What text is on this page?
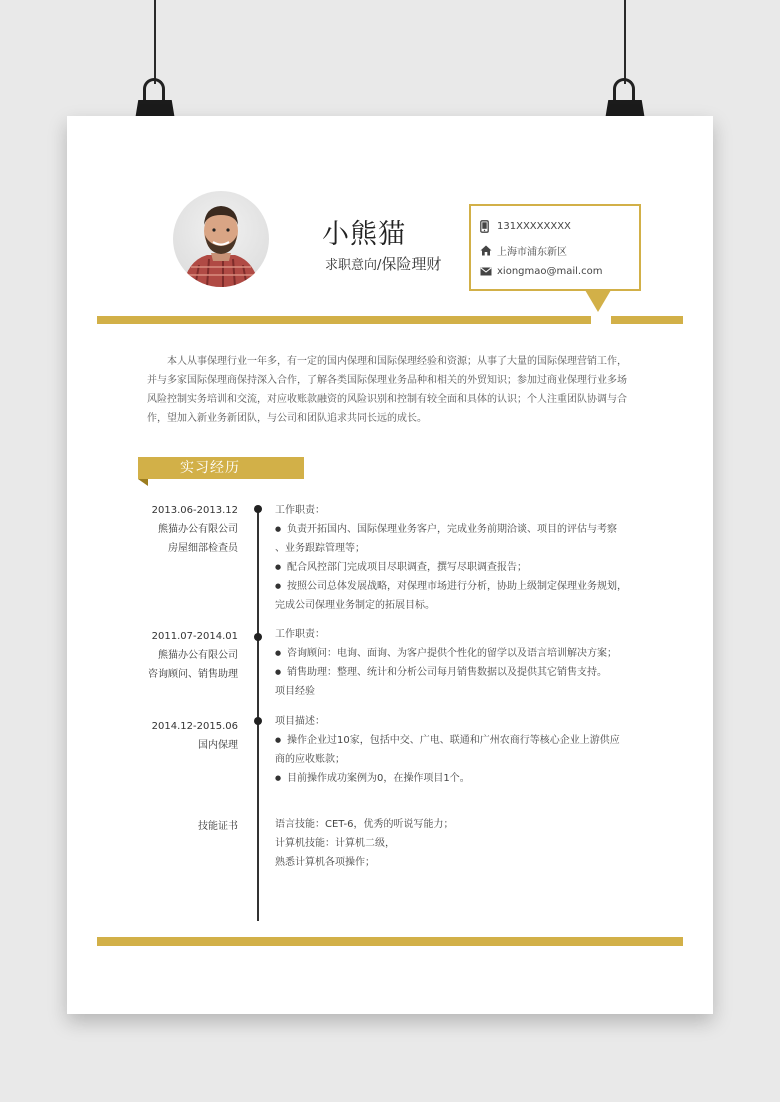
小熊猫
求职意向/保险理财
131XXXXXXXX
上海市浦东新区
xiongmao@mail.com
本人从事保理行业一年多，有一定的国内保理和国际保理经验和资源；从事了大量的国际保理营销工作，并与多家国际保理商保持深入合作，了解各类国际保理业务品种和相关的外贸知识；参加过商业保理行业多场风险控制实务培训和交流，对应收账款融资的风险识别和控制有较全面和具体的认识；个人注重团队协调与合作，望加入新业务新团队，与公司和团队追求共同长远的成长。
实习经历
2013.06-2013.12
熊猫办公有限公司
房屋细部检查员
工作职责：
● 负责开拓国内、国际保理业务客户，完成业务前期洽谈、项目的评估与考察
、业务跟踪管理等；
● 配合风控部门完成项目尽职调查，撰写尽职调查报告；
● 按照公司总体发展战略，对保理市场进行分析，协助上级制定保理业务规划，
完成公司保理业务制定的拓展目标。
2011.07-2014.01
熊猫办公有限公司
咨询顾问、销售助理
工作职责：
● 咨询顾问：电询、面询、为客户提供个性化的留学以及语言培训解决方案；
● 销售助理：整理、统计和分析公司每月销售数据以及提供其它销售支持。
项目经验
2014.12-2015.06
国内保理
项目描述：
● 操作企业过10家，包括中交、广电、联通和广州农商行等核心企业上游供应
商的应收账款；
● 目前操作成功案例为0，在操作项目1个。
技能证书	语言技能：CET-6，优秀的听说写能力；
计算机技能：计算机二级，
熟悉计算机各项操作；
